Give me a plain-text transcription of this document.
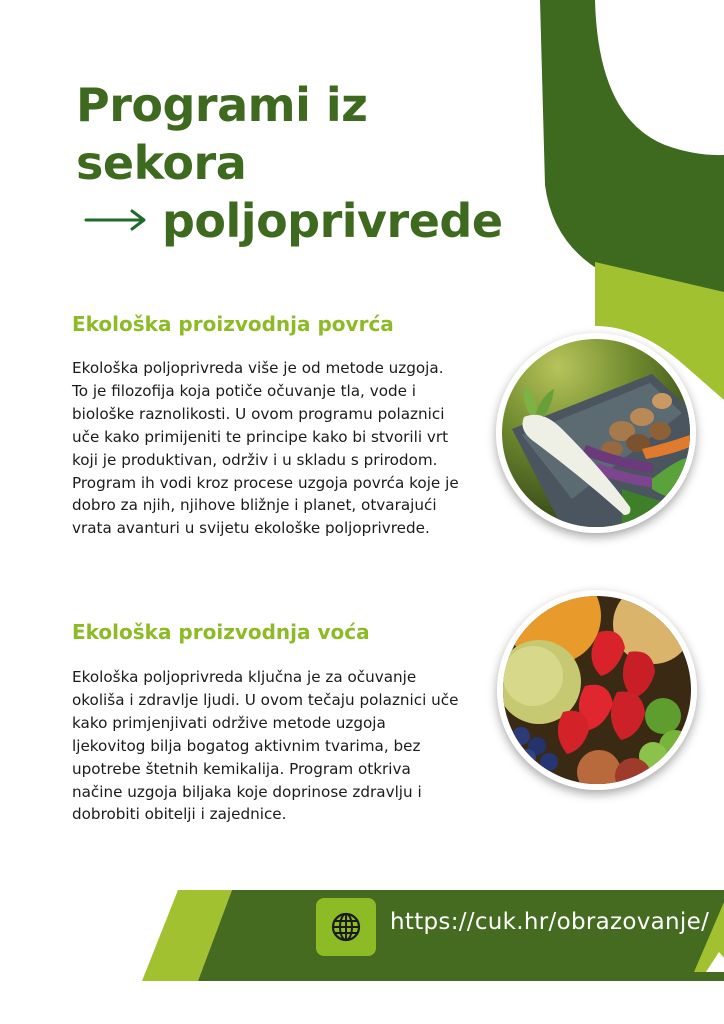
Programi iz
sekora
poljoprivrede
Ekološka proizvodnja povrća

Ekološka poljoprivreda više je od metode uzgoja. To je filozofija koja potiče očuvanje tla, vode i biološke raznolikosti. U ovom programu polaznici uče kako primijeniti te principe kako bi stvorili vrt koji je produktivan, održiv i u skladu s prirodom. Program ih vodi kroz procese uzgoja povrća koje je dobro za njih, njihove bližnje i planet, otvarajući vrata avanturi u svijetu ekološke poljoprivrede.

Ekološka proizvodnja voća

Ekološka poljoprivreda ključna je za očuvanje okoliša i zdravlje ljudi. U ovom tečaju polaznici uče kako primjenjivati održive metode uzgoja ljekovitog bilja bogatog aktivnim tvarima, bez upotrebe štetnih kemikalija. Program otkriva načine uzgoja biljaka koje doprinose zdravlju i dobrobiti obitelji i zajednice.

https://cuk.hr/obrazovanje/
